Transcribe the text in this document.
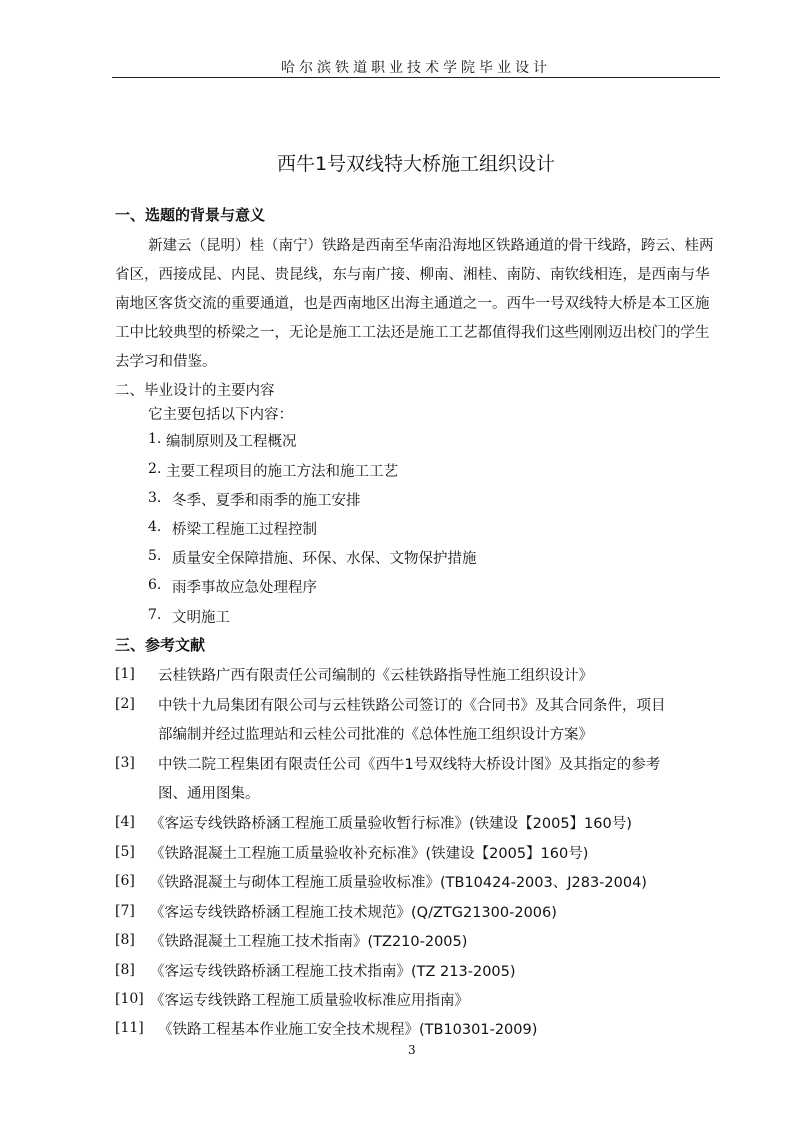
哈尔滨铁道职业技术学院毕业设计
西牛1号双线特大桥施工组织设计
一、选题的背景与意义
新建云（昆明）桂（南宁）铁路是西南至华南沿海地区铁路通道的骨干线路，跨云、桂两
省区，西接成昆、内昆、贵昆线，东与南广接、柳南、湘桂、南防、南钦线相连，是西南与华
南地区客货交流的重要通道，也是西南地区出海主通道之一。西牛一号双线特大桥是本工区施
工中比较典型的桥梁之一，无论是施工工法还是施工工艺都值得我们这些刚刚迈出校门的学生
去学习和借鉴。
二、毕业设计的主要内容
它主要包括以下内容：
1. 编制原则及工程概况
2. 主要工程项目的施工方法和施工工艺
3. 冬季、夏季和雨季的施工安排
4. 桥梁工程施工过程控制
5. 质量安全保障措施、环保、水保、文物保护措施
6. 雨季事故应急处理程序
7. 文明施工
三、参考文献
[1] 云桂铁路广西有限责任公司编制的《云桂铁路指导性施工组织设计》
[2] 中铁十九局集团有限公司与云桂铁路公司签订的《合同书》及其合同条件，项目
部编制并经过监理站和云桂公司批准的《总体性施工组织设计方案》
[3] 中铁二院工程集团有限责任公司《西牛1号双线特大桥设计图》及其指定的参考
图、通用图集。
[4] 《客运专线铁路桥涵工程施工质量验收暂行标准》(铁建设【2005】160号)
[5] 《铁路混凝土工程施工质量验收补充标准》(铁建设【2005】160号)
[6] 《铁路混凝土与砌体工程施工质量验收标准》(TB10424-2003、J283-2004)
[7] 《客运专线铁路桥涵工程施工技术规范》(Q/ZTG21300-2006)
[8] 《铁路混凝土工程施工技术指南》(TZ210-2005)
[8] 《客运专线铁路桥涵工程施工技术指南》(TZ 213-2005)
[10] 《客运专线铁路工程施工质量验收标准应用指南》
[11] 《铁路工程基本作业施工安全技术规程》(TB10301-2009)
3
